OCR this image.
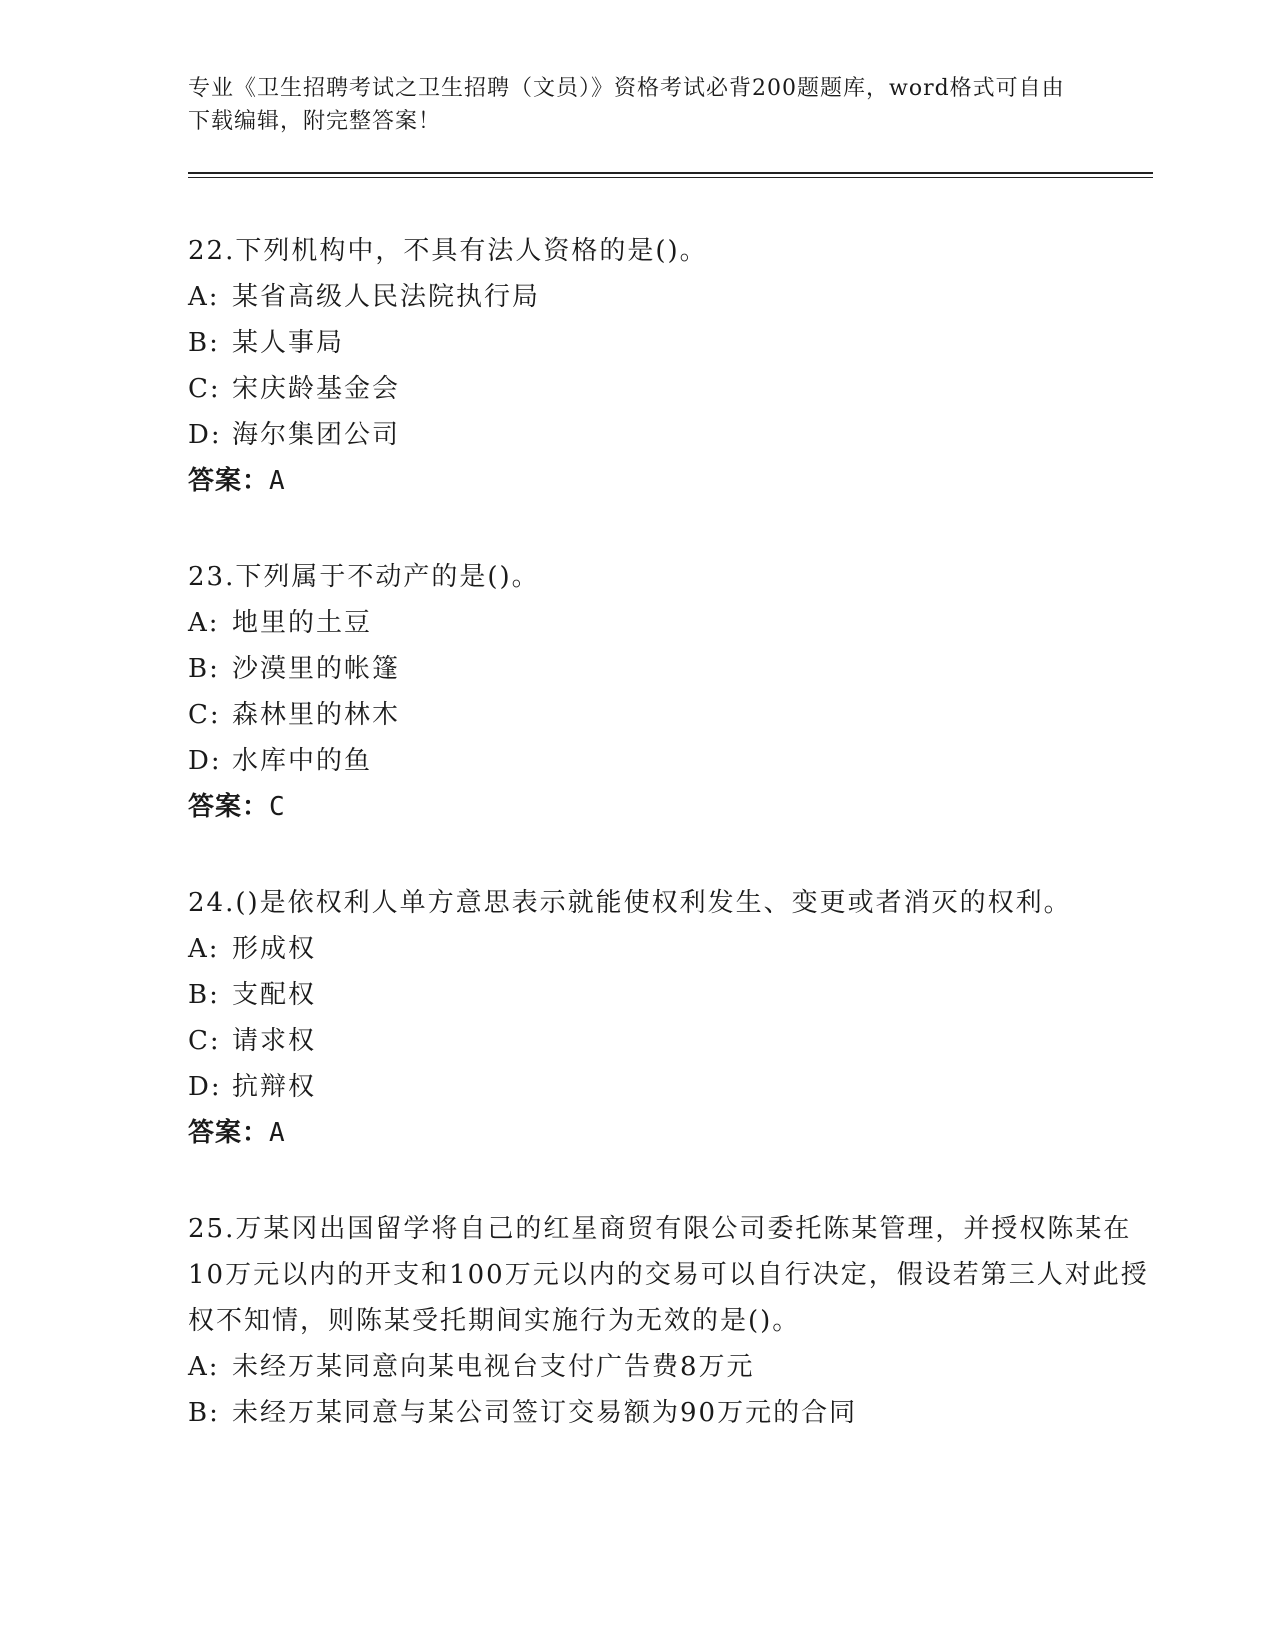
专业《卫生招聘考试之卫生招聘（文员）》资格考试必背200题题库，word格式可自由下载编辑，附完整答案！

22.下列机构中，不具有法人资格的是()。

A: 某省高级人民法院执行局

B: 某人事局

C: 宋庆龄基金会

D: 海尔集团公司

答案：A

23.下列属于不动产的是()。

A: 地里的土豆

B: 沙漠里的帐篷

C: 森林里的林木

D: 水库中的鱼

答案：C

24.()是依权利人单方意思表示就能使权利发生、变更或者消灭的权利。

A: 形成权

B: 支配权

C: 请求权

D: 抗辩权

答案：A

25.万某冈出国留学将自己的红星商贸有限公司委托陈某管理，并授权陈某在10万元以内的开支和100万元以内的交易可以自行决定，假设若第三人对此授权不知情，则陈某受托期间实施行为无效的是()。

A: 未经万某同意向某电视台支付广告费8万元

B: 未经万某同意与某公司签订交易额为90万元的合同
